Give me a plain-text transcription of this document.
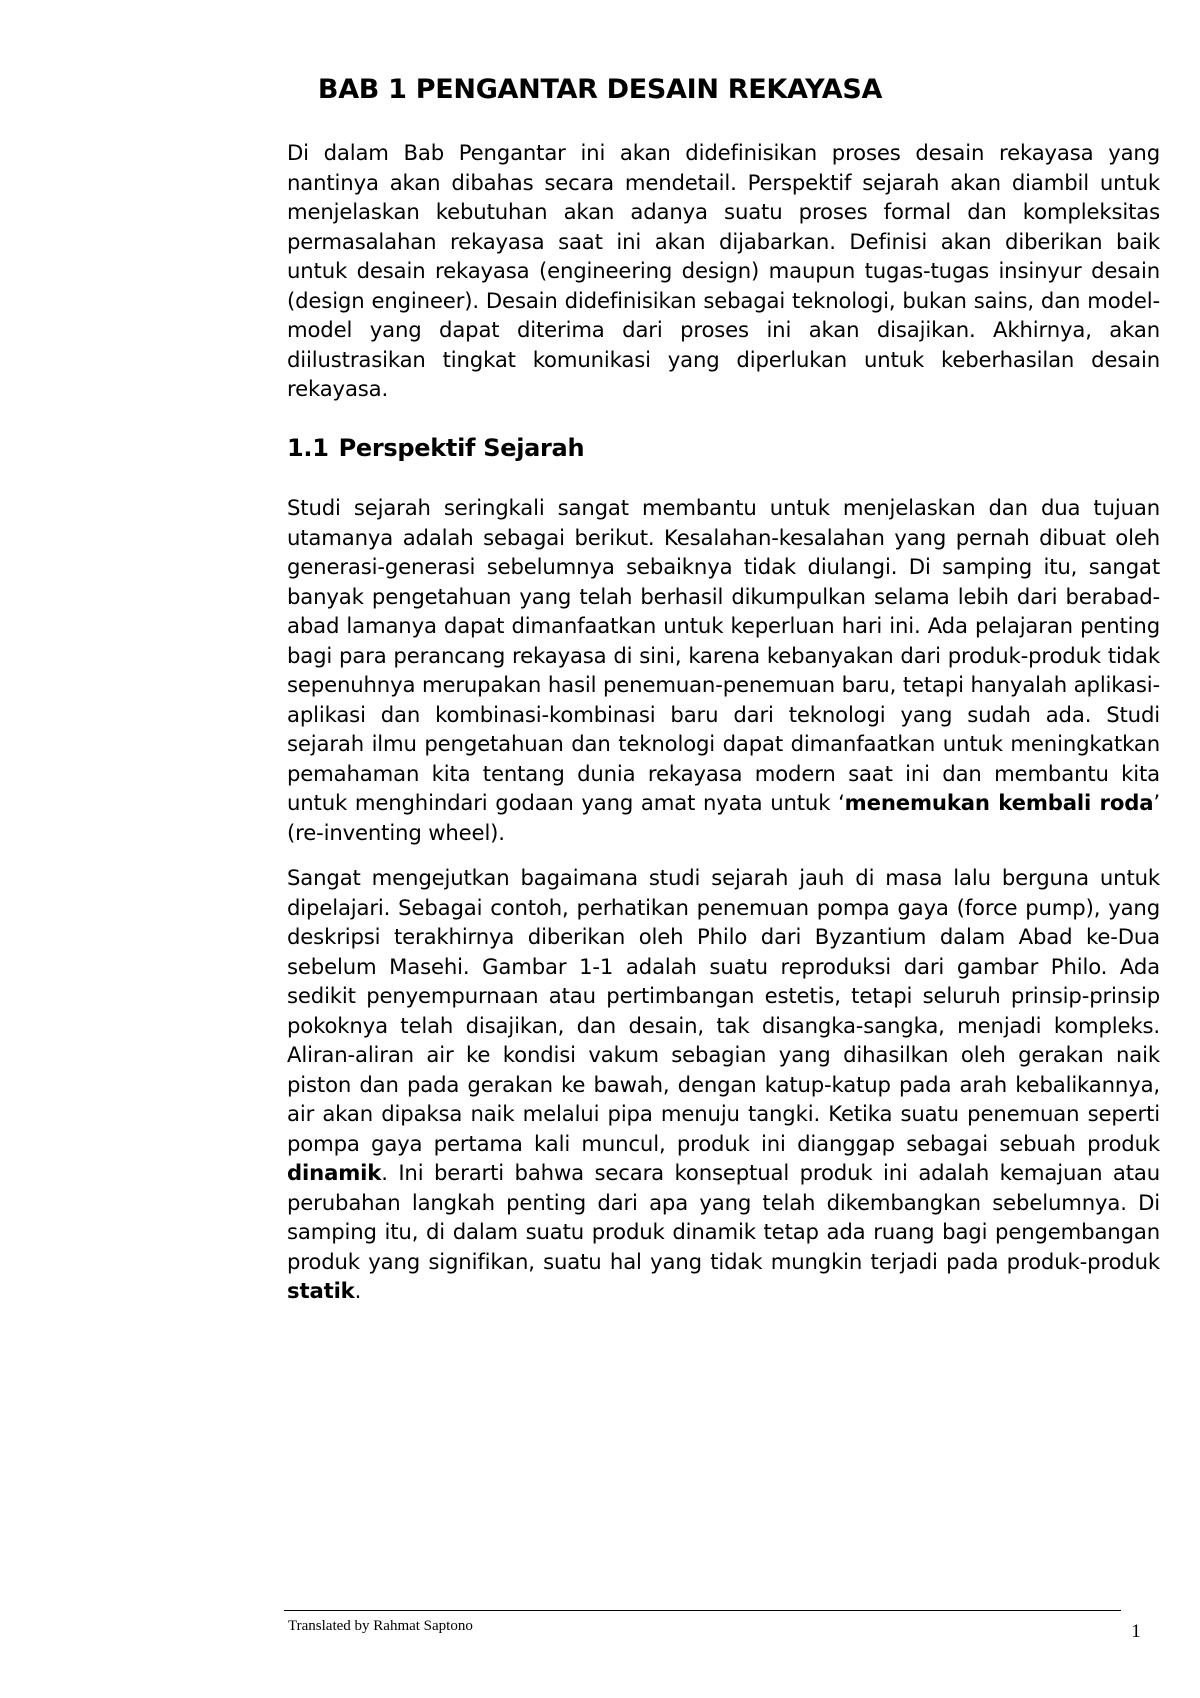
BAB 1 PENGANTAR DESAIN REKAYASA

Di dalam Bab Pengantar ini akan didefinisikan proses desain rekayasa yang nantinya akan dibahas secara mendetail. Perspektif sejarah akan diambil untuk menjelaskan kebutuhan akan adanya suatu proses formal dan kompleksitas permasalahan rekayasa saat ini akan dijabarkan. Definisi akan diberikan baik untuk desain rekayasa (engineering design) maupun tugas-tugas insinyur desain (design engineer). Desain didefinisikan sebagai teknologi, bukan sains, dan model-model yang dapat diterima dari proses ini akan disajikan. Akhirnya, akan diilustrasikan tingkat komunikasi yang diperlukan untuk keberhasilan desain rekayasa.

1.1 Perspektif Sejarah

Studi sejarah seringkali sangat membantu untuk menjelaskan dan dua tujuan utamanya adalah sebagai berikut. Kesalahan-kesalahan yang pernah dibuat oleh generasi-generasi sebelumnya sebaiknya tidak diulangi. Di samping itu, sangat banyak pengetahuan yang telah berhasil dikumpulkan selama lebih dari berabad-abad lamanya dapat dimanfaatkan untuk keperluan hari ini. Ada pelajaran penting bagi para perancang rekayasa di sini, karena kebanyakan dari produk-produk tidak sepenuhnya merupakan hasil penemuan-penemuan baru, tetapi hanyalah aplikasi-aplikasi dan kombinasi-kombinasi baru dari teknologi yang sudah ada. Studi sejarah ilmu pengetahuan dan teknologi dapat dimanfaatkan untuk meningkatkan pemahaman kita tentang dunia rekayasa modern saat ini dan membantu kita untuk menghindari godaan yang amat nyata untuk ‘menemukan kembali roda’ (re-inventing wheel).

Sangat mengejutkan bagaimana studi sejarah jauh di masa lalu berguna untuk dipelajari. Sebagai contoh, perhatikan penemuan pompa gaya (force pump), yang deskripsi terakhirnya diberikan oleh Philo dari Byzantium dalam Abad ke-Dua sebelum Masehi. Gambar 1-1 adalah suatu reproduksi dari gambar Philo. Ada sedikit penyempurnaan atau pertimbangan estetis, tetapi seluruh prinsip-prinsip pokoknya telah disajikan, dan desain, tak disangka-sangka, menjadi kompleks. Aliran-aliran air ke kondisi vakum sebagian yang dihasilkan oleh gerakan naik piston dan pada gerakan ke bawah, dengan katup-katup pada arah kebalikannya, air akan dipaksa naik melalui pipa menuju tangki. Ketika suatu penemuan seperti pompa gaya pertama kali muncul, produk ini dianggap sebagai sebuah produk dinamik. Ini berarti bahwa secara konseptual produk ini adalah kemajuan atau perubahan langkah penting dari apa yang telah dikembangkan sebelumnya. Di samping itu, di dalam suatu produk dinamik tetap ada ruang bagi pengembangan produk yang signifikan, suatu hal yang tidak mungkin terjadi pada produk-produk statik.

Translated by Rahmat Saptono	1
